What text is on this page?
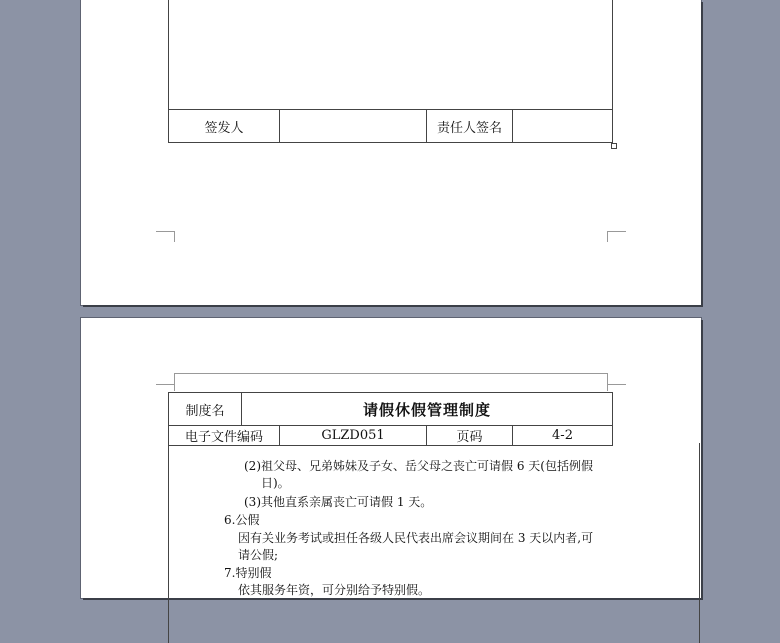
签发人		责任人签名	
制度名	请假休假管理制度			
电子文件编码		GLZD051	页码	4-2
(2)祖父母、兄弟姊妹及子女、岳父母之丧亡可请假 6 天(包括例假
日)。
(3)其他直系亲属丧亡可请假 1 天。
6.公假
因有关业务考试或担任各级人民代表出席会议期间在 3 天以内者,可
请公假;
7.特别假
依其服务年资，可分别给予特别假。
